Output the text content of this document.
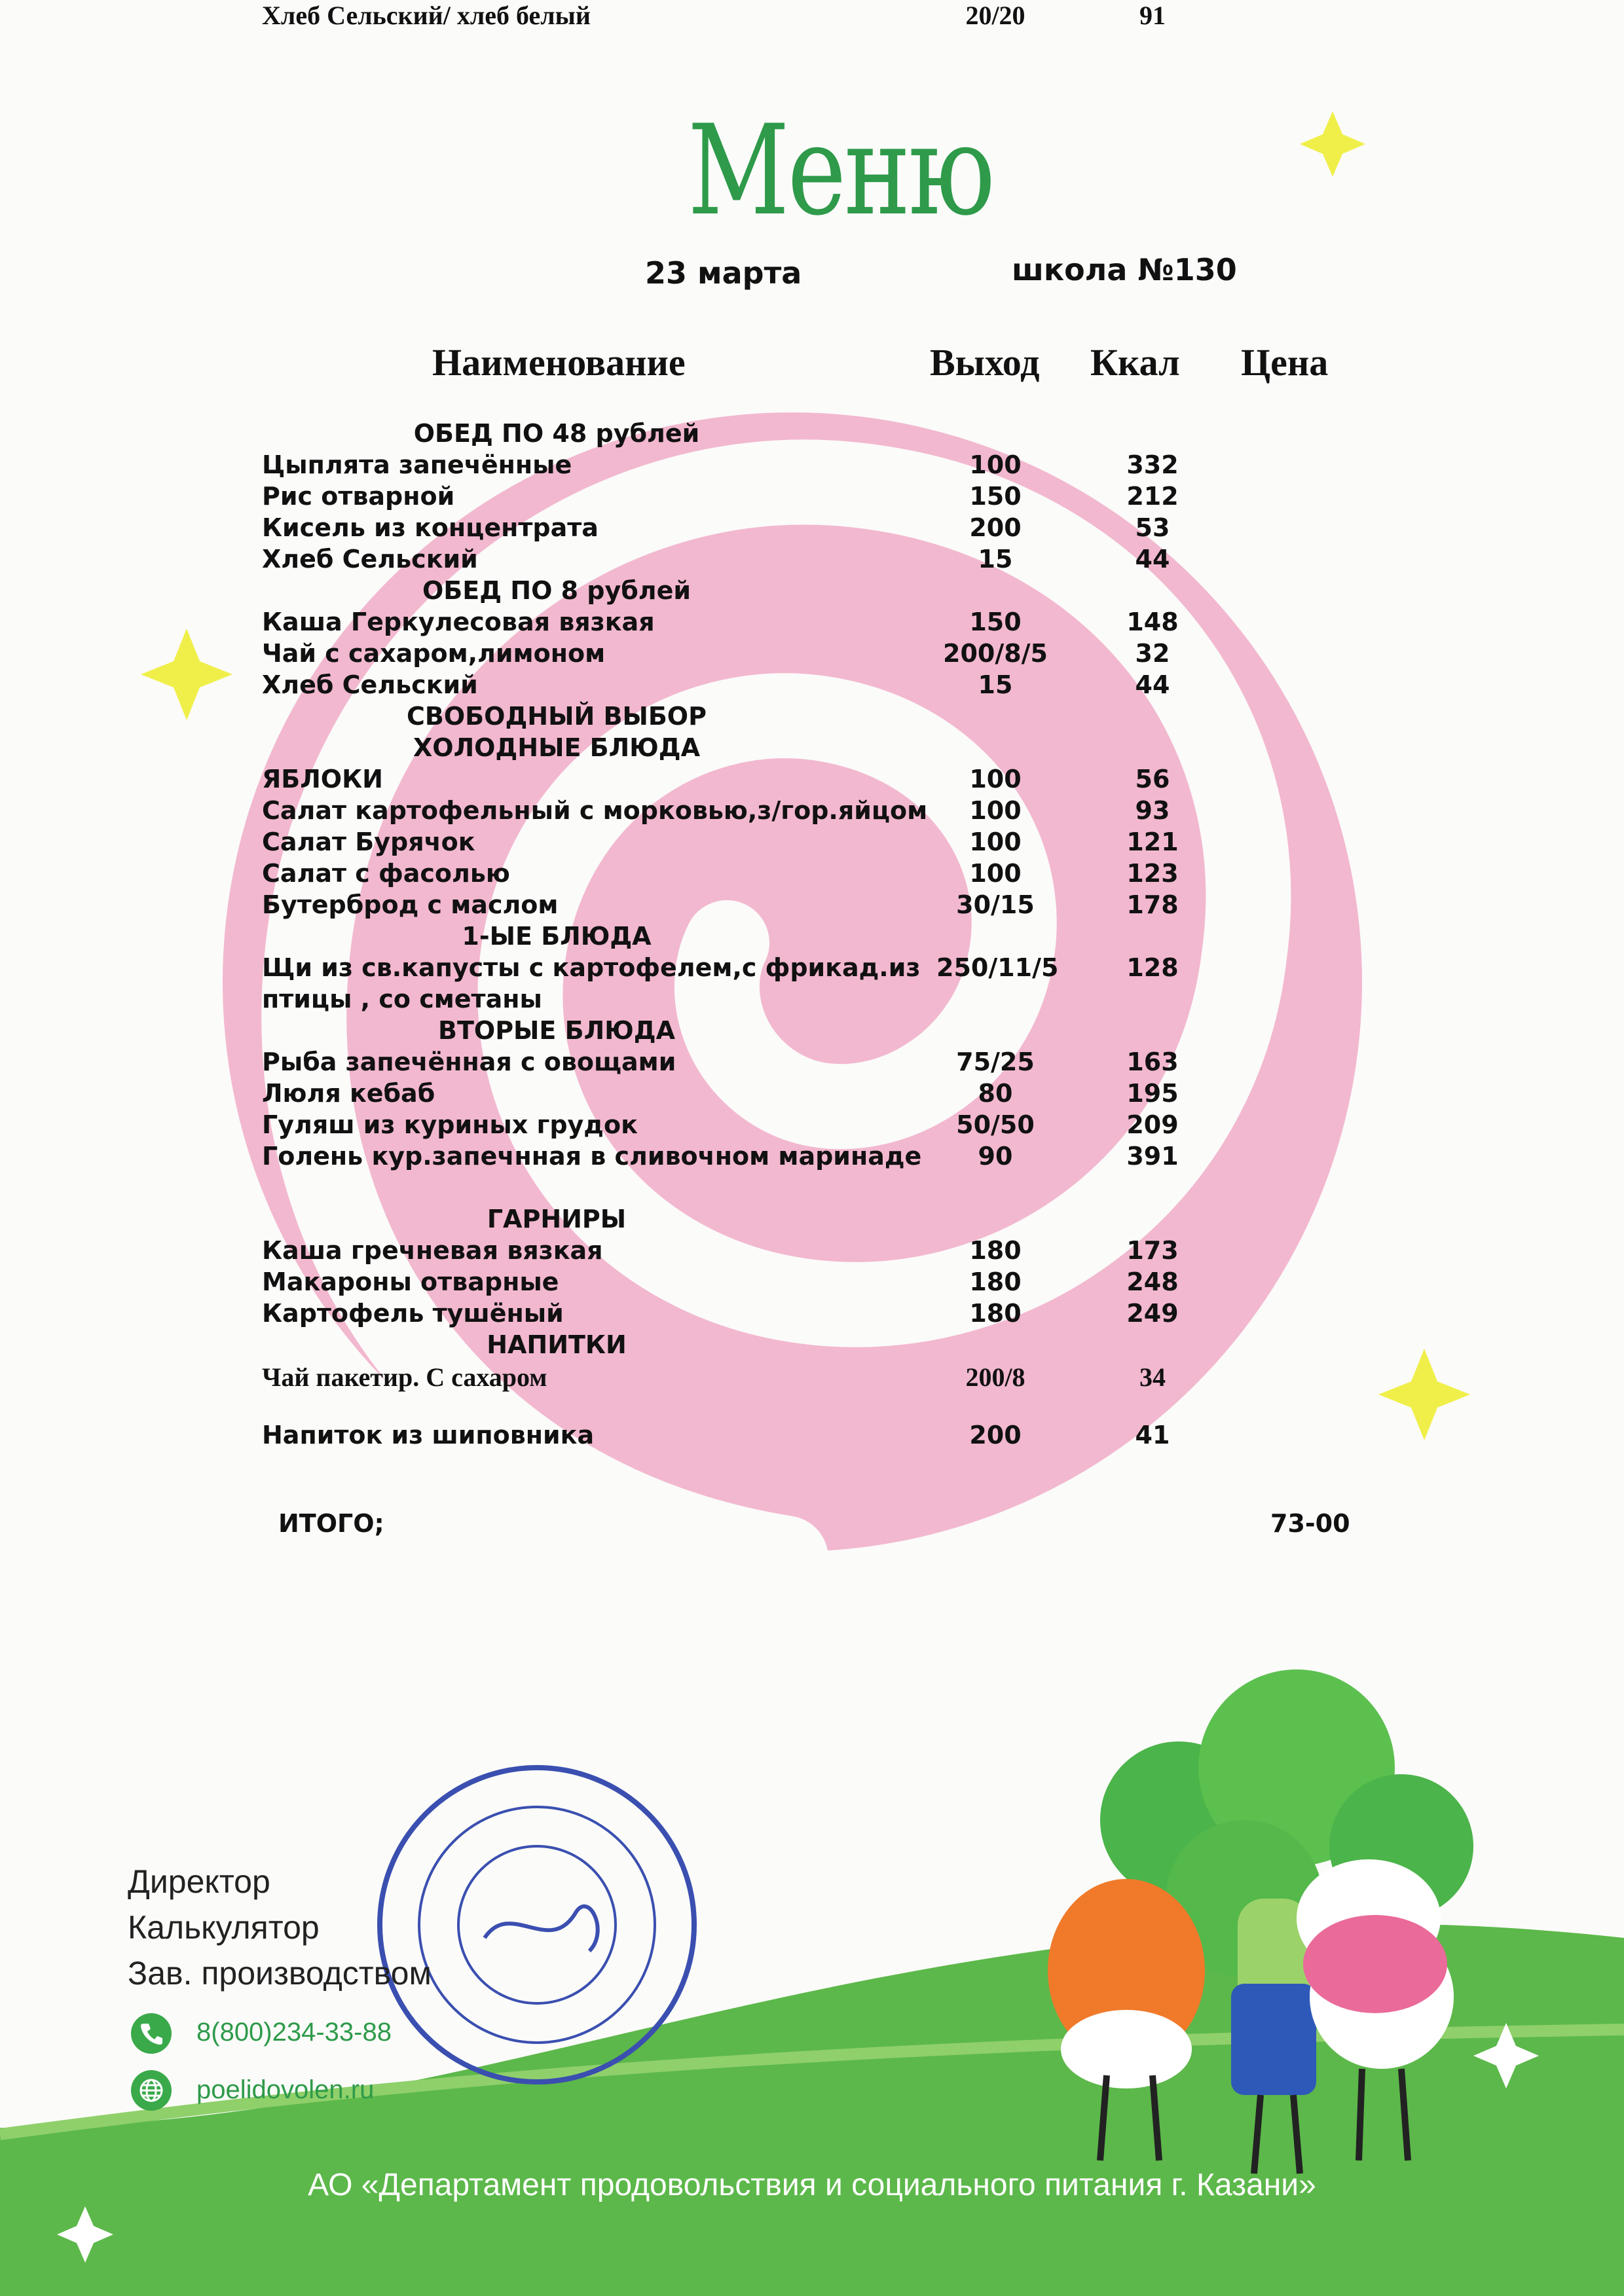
Меню
23 марта	школа №130
Наименование	Выход Ккал Цена
ОБЕД ПО 48 рублей
Цыплята запечённые	100	332
Рис отварной	150	212
Кисель из концентрата	200	53
Хлеб Сельский	15	44
ОБЕД ПО 8 рублей
Каша Геркулесовая вязкая	150	148
Чай с сахаром,лимоном	200/8/5	32
Хлеб Сельский	15	44
СВОБОДНЫЙ ВЫБОР
ХОЛОДНЫЕ БЛЮДА
ЯБЛОКИ	100	56
Салат картофельный с морковью,з/гор.яйцом	100	93
Салат Бурячок	100	121
Салат с фасолью	100	123
Бутерброд с маслом	30/15	178
1-ЫЕ БЛЮДА
Щи из св.капусты с картофелем,с фрикад.из 250/11/5	128
птицы , со сметаны
ВТОРЫЕ БЛЮДА
Рыба запечённая с овощами	75/25	163
Люля кебаб	80	195
Гуляш из куриных грудок	50/50	209
Голень кур.запечнная в сливочном маринаде	90	391
ГАРНИРЫ
Каша гречневая вязкая	180	173
Макароны отварные	180	248
Картофель тушёный	180	249
НАПИТКИ
Чай пакетир. С сахаром	200/8	34
Напиток из шиповника	200	41
Хлеб Сельский/ хлеб белый	20/20	91
ИТОГО;	73-00
Директор
Калькулятор
Зав. производством
8(800)234-33-88
poelidovolen.ru
АО «Департамент продовольствия и социального питания г. Казани»
